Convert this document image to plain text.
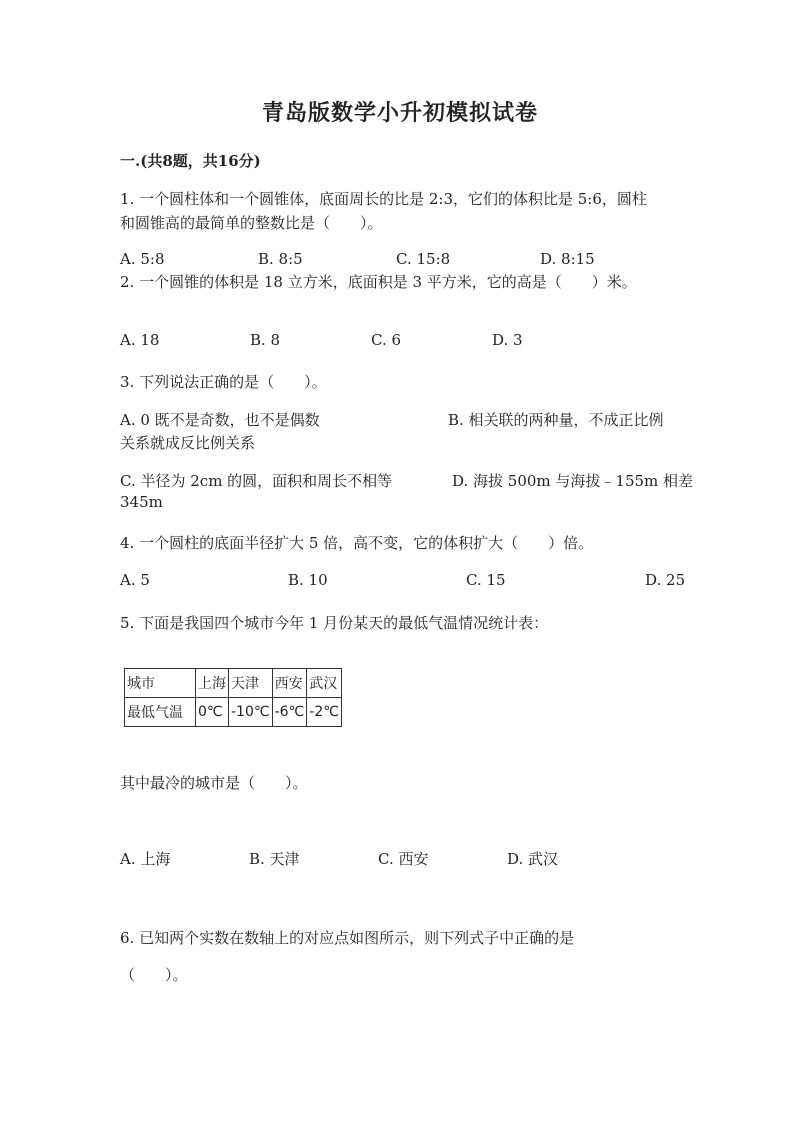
青岛版数学小升初模拟试卷
一.(共8题，共16分)
1. 一个圆柱体和一个圆锥体，底面周长的比是 2:3，它们的体积比是 5:6，圆柱
和圆锥高的最简单的整数比是（　　）。
A. 5:8	B. 8:5	C. 15:8	D. 8:15
2. 一个圆锥的体积是 18 立方米，底面积是 3 平方米，它的高是（　　）米。
A. 18	B. 8	C. 6	D. 3
3. 下列说法正确的是（　　）。
A. 0 既不是奇数，也不是偶数	B. 相关联的两种量，不成正比例
关系就成反比例关系
C. 半径为 2cm 的圆，面积和周长不相等	D. 海拔 500m 与海拔﹣155m 相差
345m
4. 一个圆柱的底面半径扩大 5 倍，高不变，它的体积扩大（　　）倍。
A. 5	B. 10	C. 15	D. 25
5. 下面是我国四个城市今年 1 月份某天的最低气温情况统计表：
城市	上海	天津	西安	武汉
最低气温	0℃	-10℃	-6℃	-2℃
其中最冷的城市是（　　）。
A. 上海	B. 天津	C. 西安	D. 武汉
6. 已知两个实数在数轴上的对应点如图所示，则下列式子中正确的是
（　　）。
